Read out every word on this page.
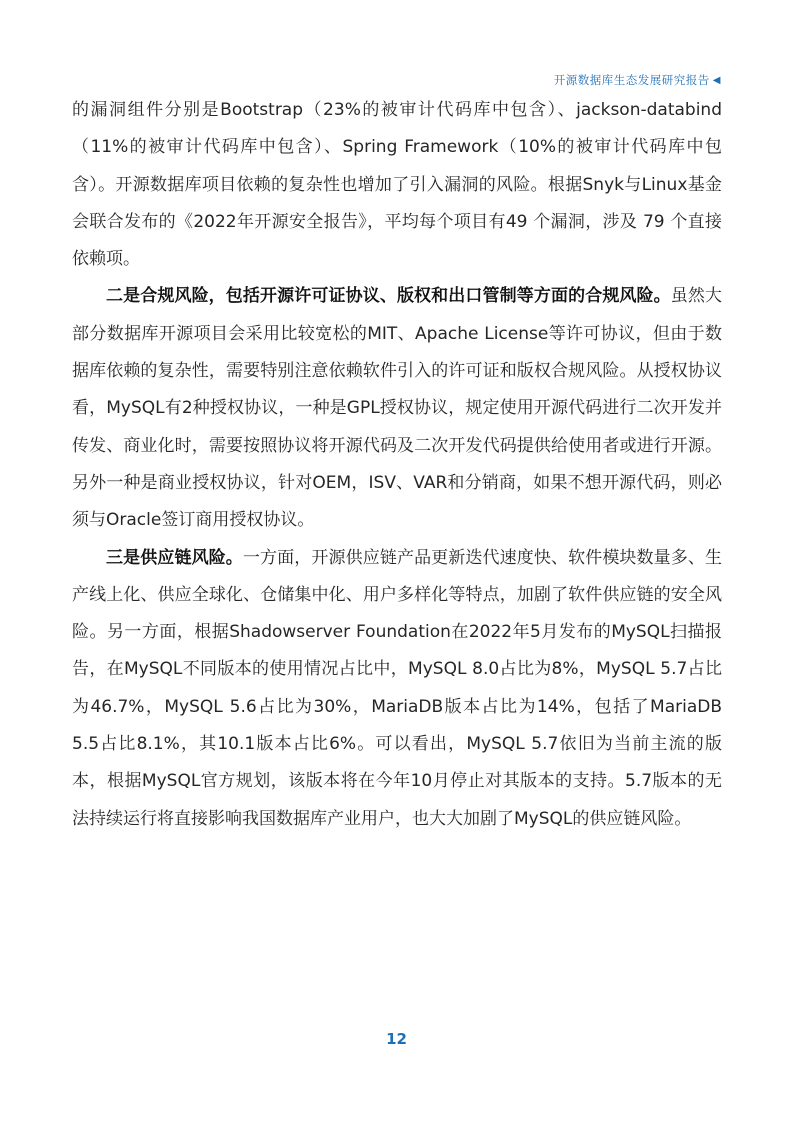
开源数据库生态发展研究报告 ◀

的漏洞组件分别是Bootstrap（23%的被审计代码库中包含）、jackson-databind（11%的被审计代码库中包含）、Spring Framework（10%的被审计代码库中包含）。开源数据库项目依赖的复杂性也增加了引入漏洞的风险。根据Snyk与Linux基金会联合发布的《2022年开源安全报告》，平均每个项目有49 个漏洞，涉及 79 个直接依赖项。

二是合规风险，包括开源许可证协议、版权和出口管制等方面的合规风险。虽然大部分数据库开源项目会采用比较宽松的MIT、Apache License等许可协议，但由于数据库依赖的复杂性，需要特别注意依赖软件引入的许可证和版权合规风险。从授权协议看，MySQL有2种授权协议，一种是GPL授权协议，规定使用开源代码进行二次开发并传发、商业化时，需要按照协议将开源代码及二次开发代码提供给使用者或进行开源。另外一种是商业授权协议，针对OEM，ISV、VAR和分销商，如果不想开源代码，则必须与Oracle签订商用授权协议。

三是供应链风险。一方面，开源供应链产品更新迭代速度快、软件模块数量多、生产线上化、供应全球化、仓储集中化、用户多样化等特点，加剧了软件供应链的安全风险。另一方面，根据Shadowserver Foundation在2022年5月发布的MySQL扫描报告，在MySQL不同版本的使用情况占比中，MySQL 8.0占比为8%，MySQL 5.7占比为46.7%，MySQL 5.6占比为30%，MariaDB版本占比为14%，包括了MariaDB 5.5占比8.1%，其10.1版本占比6%。可以看出，MySQL 5.7依旧为当前主流的版本，根据MySQL官方规划，该版本将在今年10月停止对其版本的支持。5.7版本的无法持续运行将直接影响我国数据库产业用户，也大大加剧了MySQL的供应链风险。

12
